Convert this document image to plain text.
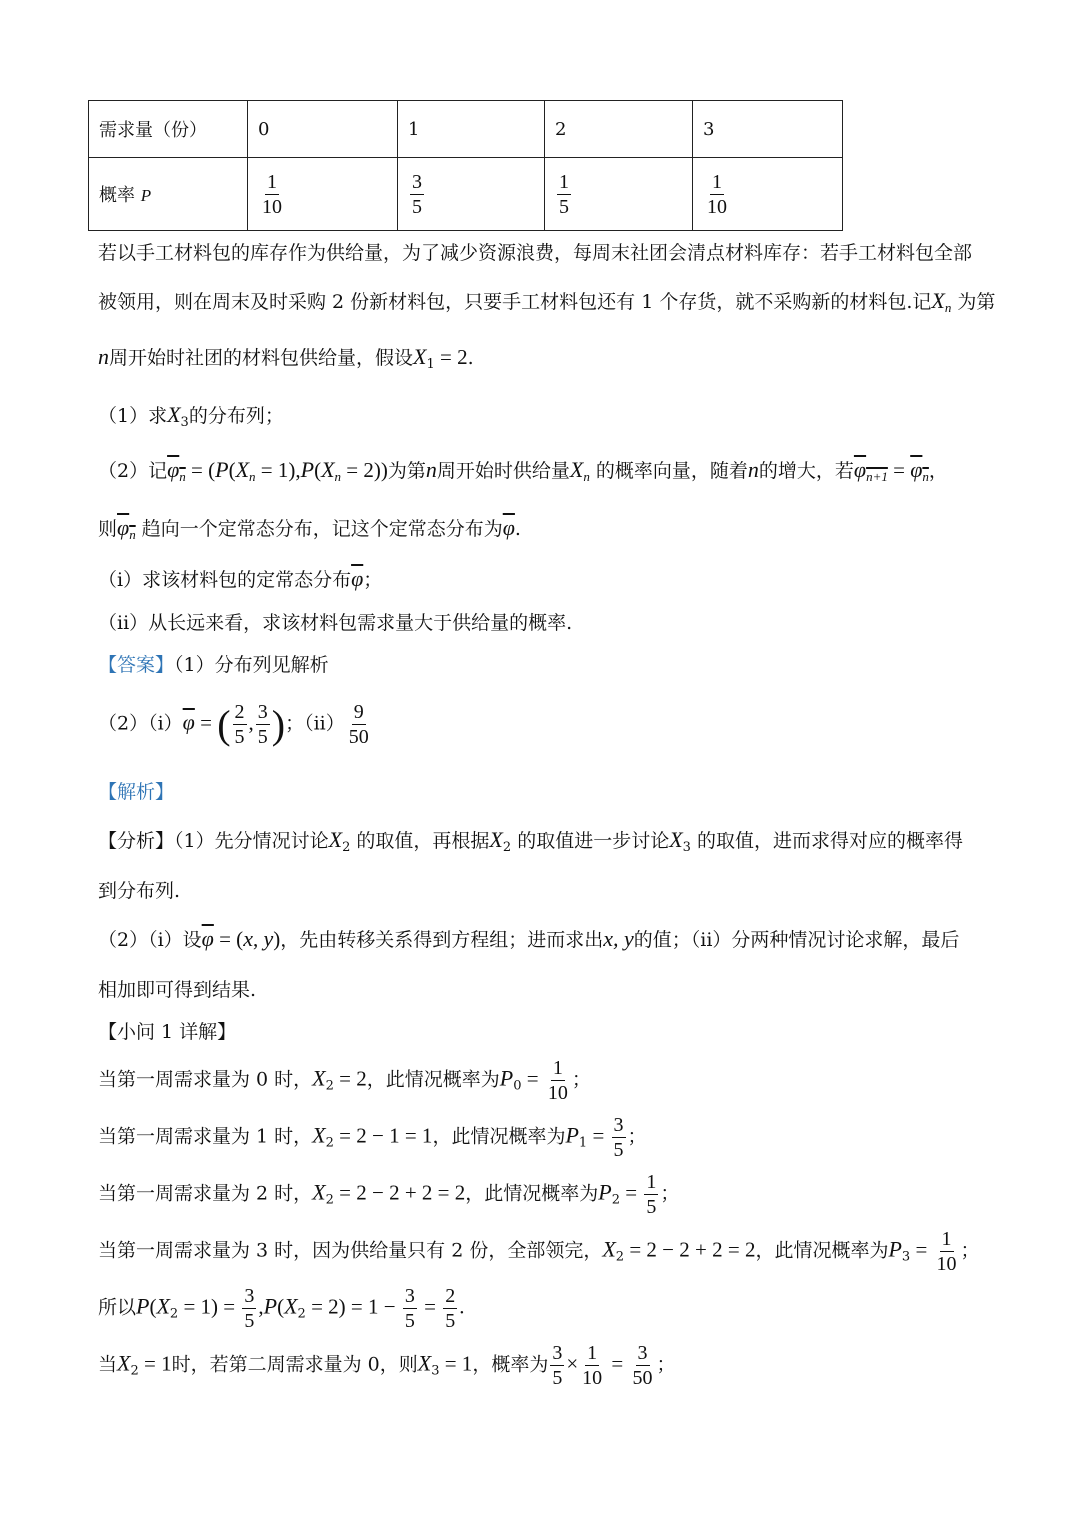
需求量（份）	0	1	2	3
概率 P	$\frac{1}{10}$	$\frac{3}{5}$	$\frac{1}{5}$	$\frac{1}{10}$
若以手工材料包的库存作为供给量，为了减少资源浪费，每周末社团会清点材料库存：若手工材料包全部
被领用，则在周末及时采购 2 份新材料包，只要手工材料包还有 1 个存货，就不采购新的材料包.记$X_n$ 为第
n周开始时社团的材料包供给量，假设$X_1 = 2$.
（1）求$X_3$的分布列；
（2）记$\varphi_n = (P(X_n = 1),P(X_n = 2))$为第n周开始时供给量$X_n$ 的概率向量，随着n的增大，若$\varphi_{n+1} = \varphi_n$，
则$\varphi_n$ 趋向一个定常态分布，记这个定常态分布为$\overline{\varphi}$.
（i）求该材料包的定常态分布$\overline{\varphi}$；
（ii）从长远来看，求该材料包需求量大于供给量的概率.
【答案】（1）分布列见解析
$(2)(i)\overline{\varphi}$ = ( $\frac{2}{5}$ , $\frac{3}{5}$ )；$(ii) \frac{9}{50}$
【解析】
【分析】（1）先分情况讨论$X_2$ 的取值，再根据$X_2$ 的取值进一步讨论$X_3$ 的取值，进而求得对应的概率得
到分布列.
（2）（i）设$\overline{\varphi} = (x$, y)，先由转移关系得到方程组；进而求出x, y的值；（ii）分两种情况讨论求解，最后
相加即可得到结果.
【小问 1 详解】
当第一周需求量为 0 时，$X_2 = 2$，此情况概率为$P_0 = \frac{1}{10}$ ；
当第一周需求量为 1 时，$X_2 = 2 - 1 = 1$，此情况概率为$P_1 = \frac{3}{5}$ ；
当第一周需求量为 2 时，$X_2 = 2 - 2 + 2 = 2$，此情况概率为$P_2 = \frac{1}{5}$ ；
当第一周需求量为 3 时，因为供给量只有 2 份，全部领完，$X_2 = 2 - 2 + 2 = 2$，此情况概率为$P_3 = \frac{1}{10}$ ；
所以$P(X_2 = 1) = \frac{3}{5} ,P(X_2 = 2) = 1 - \frac{3}{5} = \frac{2}{5}$ .
当$X_2 = 1$时，若第二周需求量为 0，则$X_3 = 1$，概率为 $\frac{3}{5} \times \frac{1}{10} = \frac{3}{50}$ ；
